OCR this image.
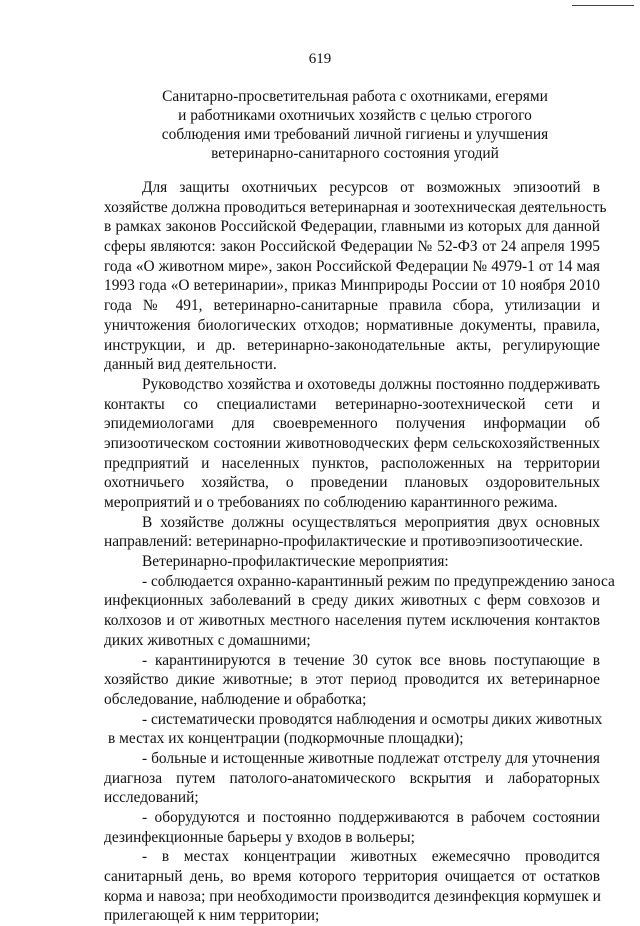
619
Санитарно-просветительная работа с охотниками, егерями
и работниками охотничьих хозяйств с целью строгого
соблюдения ими требований личной гигиены и улучшения
ветеринарно-санитарного состояния угодий
Для защиты охотничьих ресурсов от возможных эпизоотий в
хозяйстве должна проводиться ветеринарная и зоотехническая деятельность
в рамках законов Российской Федерации, главными из которых для данной
сферы являются: закон Российской Федерации № 52-ФЗ от 24 апреля 1995
года «О животном мире», закон Российской Федерации № 4979-1 от 14 мая
1993 года «О ветеринарии», приказ Минприроды России от 10 ноября 2010
года № 491, ветеринарно-санитарные правила сбора, утилизации и
уничтожения биологических отходов; нормативные документы, правила,
инструкции, и др. ветеринарно-законодательные акты, регулирующие
данный вид деятельности.
Руководство хозяйства и охотоведы должны постоянно поддерживать
контакты со специалистами ветеринарно-зоотехнической сети и
эпидемиологами для своевременного получения информации об
эпизоотическом состоянии животноводческих ферм сельскохозяйственных
предприятий и населенных пунктов, расположенных на территории
охотничьего хозяйства, о проведении плановых оздоровительных
мероприятий и о требованиях по соблюдению карантинного режима.
В хозяйстве должны осуществляться мероприятия двух основных
направлений: ветеринарно-профилактические и противоэпизоотические.
Ветеринарно-профилактические мероприятия:
- соблюдается охранно-карантинный режим по предупреждению заноса
инфекционных заболеваний в среду диких животных с ферм совхозов и
колхозов и от животных местного населения путем исключения контактов
диких животных с домашними;
- карантинируются в течение 30 суток все вновь поступающие в
хозяйство дикие животные; в этот период проводится их ветеринарное
обследование, наблюдение и обработка;
- систематически проводятся наблюдения и осмотры диких животных
в местах их концентрации (подкормочные площадки);
- больные и истощенные животные подлежат отстрелу для уточнения
диагноза путем патолого-анатомического вскрытия и лабораторных
исследований;
- оборудуются и постоянно поддерживаются в рабочем состоянии
дезинфекционные барьеры у входов в вольеры;
- в местах концентрации животных ежемесячно проводится
санитарный день, во время которого территория очищается от остатков
корма и навоза; при необходимости производится дезинфекция кормушек и
прилегающей к ним территории;
